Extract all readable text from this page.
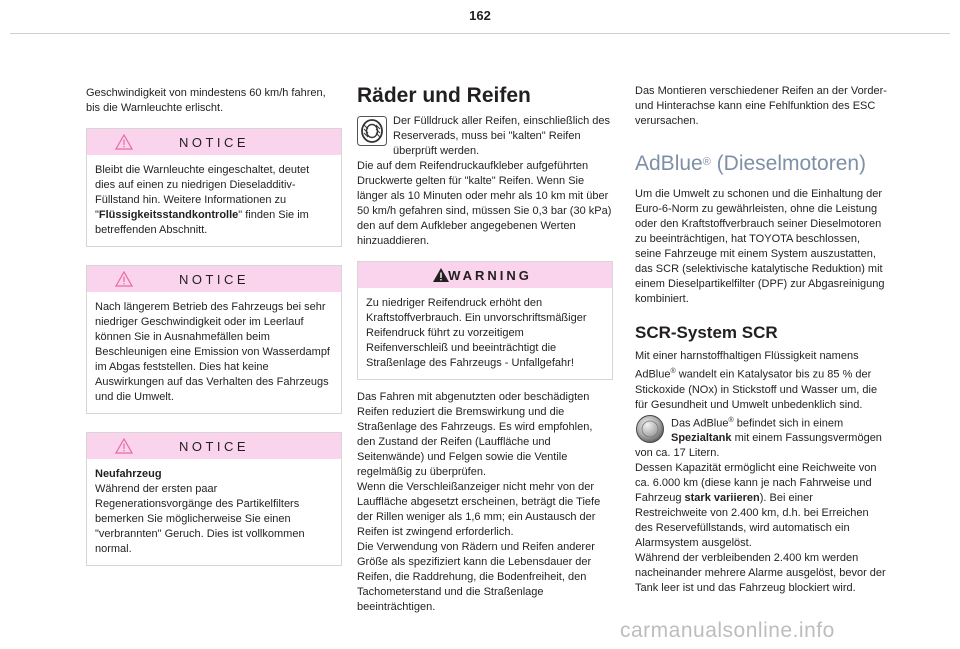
162

Geschwindigkeit von mindestens 60 km/h fahren, bis die Warnleuchte erlischt.

NOTICE
Bleibt die Warnleuchte eingeschaltet, deutet dies auf einen zu niedrigen Dieseladditiv-Füllstand hin. Weitere Informationen zu "Flüssigkeitsstandkontrolle" finden Sie im betreffenden Abschnitt.
NOTICE
Nach längerem Betrieb des Fahrzeugs bei sehr niedriger Geschwindigkeit oder im Leerlauf können Sie in Ausnahmefällen beim Beschleunigen eine Emission von Wasserdampf im Abgas feststellen. Dies hat keine Auswirkungen auf das Verhalten des Fahrzeugs und die Umwelt.
NOTICE
Neufahrzeug
Während der ersten paar Regenerationsvorgänge des Partikelfilters bemerken Sie möglicherweise Sie einen "verbrannten" Geruch. Dies ist vollkommen normal.
Räder und Reifen

Der Fülldruck aller Reifen, einschließlich des Reserverads, muss bei "kalten" Reifen überprüft werden.

Die auf dem Reifendruckaufkleber aufgeführten Druckwerte gelten für "kalte" Reifen. Wenn Sie länger als 10 Minuten oder mehr als 10 km mit über 50 km/h gefahren sind, müssen Sie 0,3 bar (30 kPa) den auf dem Aufkleber angegebenen Werten hinzuaddieren.

WARNING
Zu niedriger Reifendruck erhöht den Kraftstoffverbrauch. Ein unvorschriftsmäßiger Reifendruck führt zu vorzeitigem Reifenverschleiß und beeinträchtigt die Straßenlage des Fahrzeugs - Unfallgefahr!

Das Fahren mit abgenutzten oder beschädigten Reifen reduziert die Bremswirkung und die Straßenlage des Fahrzeugs. Es wird empfohlen, den Zustand der Reifen (Lauffläche und Seitenwände) und Felgen sowie die Ventile regelmäßig zu überprüfen.

Wenn die Verschleißanzeiger nicht mehr von der Lauffläche abgesetzt erscheinen, beträgt die Tiefe der Rillen weniger als 1,6 mm; ein Austausch der Reifen ist zwingend erforderlich.

Die Verwendung von Rädern und Reifen anderer Größe als spezifiziert kann die Lebensdauer der Reifen, die Raddrehung, die Bodenfreiheit, den Tachometerstand und die Straßenlage beeinträchtigen.

Das Montieren verschiedener Reifen an der Vorder- und Hinterachse kann eine Fehlfunktion des ESC verursachen.

AdBlue® (Dieselmotoren)

Um die Umwelt zu schonen und die Einhaltung der Euro-6-Norm zu gewährleisten, ohne die Leistung oder den Kraftstoffverbrauch seiner Dieselmotoren zu beeinträchtigen, hat TOYOTA beschlossen, seine Fahrzeuge mit einem System auszustatten, das SCR (selektivische katalytische Reduktion) mit einem Dieselpartikelfilter (DPF) zur Abgasreinigung kombiniert.

SCR-System SCR

Mit einer harnstoffhaltigen Flüssigkeit namens AdBlue® wandelt ein Katalysator bis zu 85 % der Stickoxide (NOx) in Stickstoff und Wasser um, die für Gesundheit und Umwelt unbedenklich sind.

Das AdBlue® befindet sich in einem Spezialtank mit einem Fassungsvermögen von ca. 17 Litern.

Dessen Kapazität ermöglicht eine Reichweite von ca. 6.000 km (diese kann je nach Fahrweise und Fahrzeug stark variieren). Bei einer Restreichweite von 2.400 km, d.h. bei Erreichen des Reservefüllstands, wird automatisch ein Alarmsystem ausgelöst.

Während der verbleibenden 2.400 km werden nacheinander mehrere Alarme ausgelöst, bevor der Tank leer ist und das Fahrzeug blockiert wird.

carmanualsonline.info
